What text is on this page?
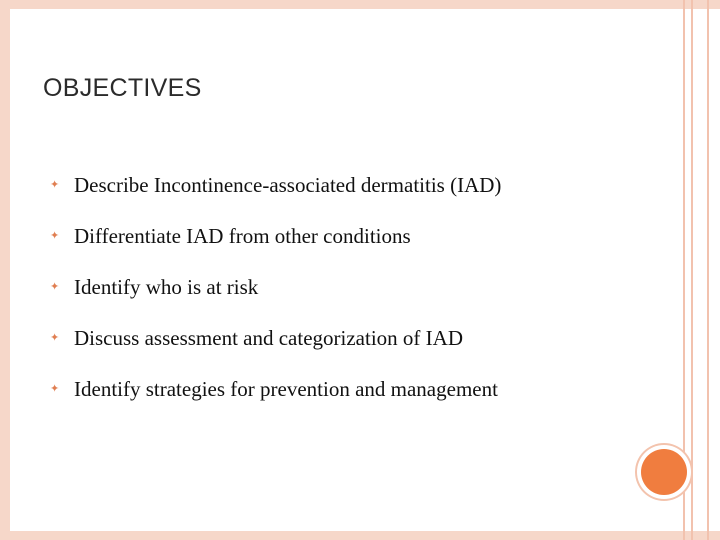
OBJECTIVES
✦ Describe Incontinence-associated dermatitis (IAD)
✦ Differentiate IAD from other conditions
✦ Identify who is at risk
✦ Discuss assessment and categorization of IAD
✦ Identify strategies for prevention and management
